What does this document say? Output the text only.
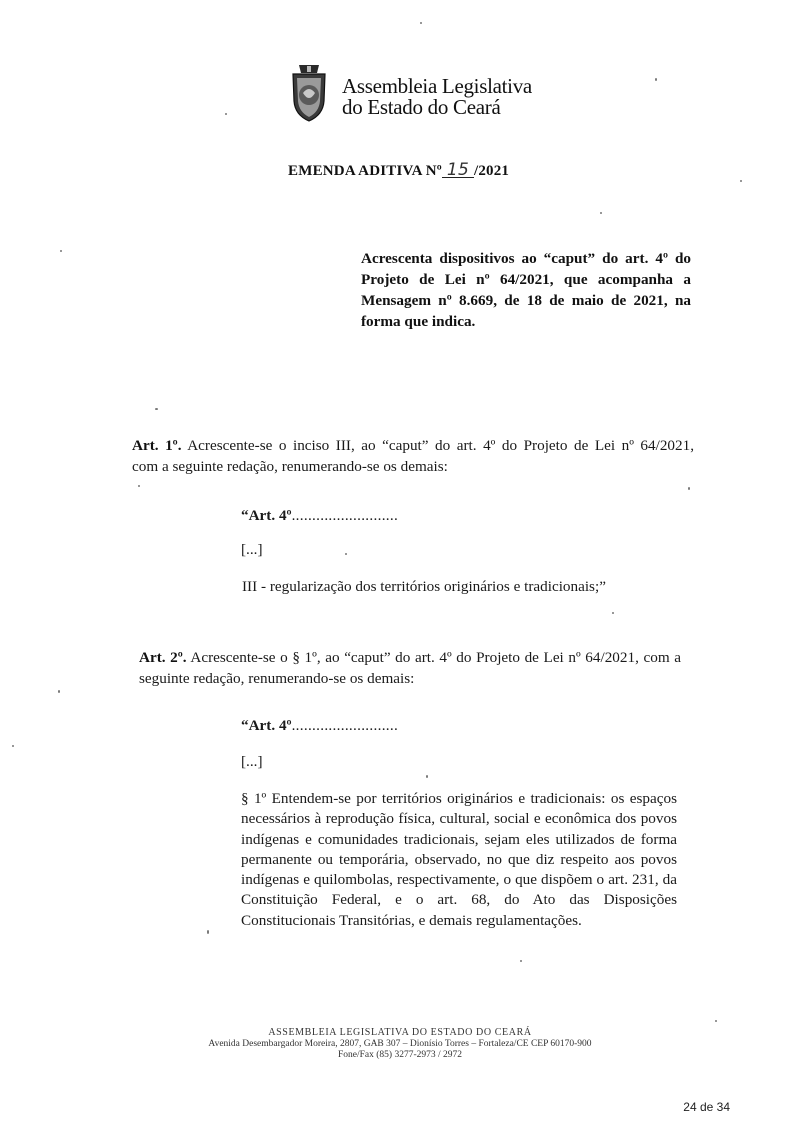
Assembleia Legislativa
do Estado do Ceará
EMENDA ADITIVA Nº 15 /2021
Acrescenta dispositivos ao “caput” do art. 4º do Projeto de Lei nº 64/2021, que acompanha a Mensagem nº 8.669, de 18 de maio de 2021, na forma que indica.
Art. 1º. Acrescente-se o inciso III, ao “caput” do art. 4º do Projeto de Lei nº 64/2021,
com a seguinte redação, renumerando-se os demais:
“Art. 4º..........................
[...]
III - regularização dos territórios originários e tradicionais;”
Art. 2º. Acrescente-se o § 1º, ao “caput” do art. 4º do Projeto de Lei nº 64/2021, com a
seguinte redação, renumerando-se os demais:
“Art. 4º..........................
[...]
§ 1º Entendem-se por territórios originários e tradicionais: os espaços necessários à reprodução física, cultural, social e econômica dos povos indígenas e comunidades tradicionais, sejam eles utilizados de forma permanente ou temporária, observado, no que diz respeito aos povos indígenas e quilombolas, respectivamente, o que dispõem o art. 231, da Constituição Federal, e o art. 68, do Ato das Disposições Constitucionais Transitórias, e demais regulamentações.
ASSEMBLEIA LEGISLATIVA DO ESTADO DO CEARÁ
Avenida Desembargador Moreira, 2807, GAB 307 – Dionísio Torres – Fortaleza/CE CEP 60170-900
Fone/Fax (85) 3277-2973 / 2972
24 de 34
